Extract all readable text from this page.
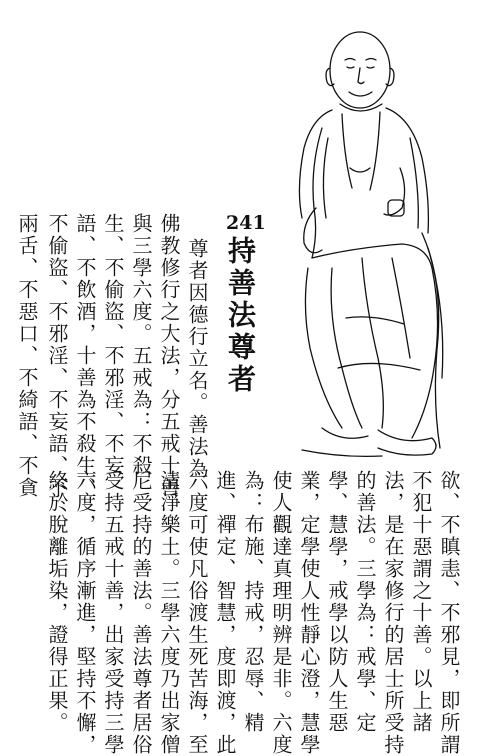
241
持善法尊者
尊者因德行立名。善法為
佛教修行之大法，分五戒十善
與三學六度。五戒為：不殺
生、不偷盜、不邪淫、不妄
語、不飲酒，十善為不殺生、
不偷盜、不邪淫、不妄語、不
兩舌、不惡口、不綺語、不貪
欲、不瞋恚、不邪見，即所謂
不犯十惡謂之十善。以上諸
法，是在家修行的居士所受持
的善法。三學為：戒學、定
學、慧學，戒學以防人生惡
業，定學使人性靜心澄，慧學
使人觀達真理明辨是非。六度
為：布施、持戒，忍辱、精
進、禪定、智慧，度即渡，此
六度可使凡俗渡生死苦海，至
清淨樂土。三學六度乃出家僧
尼受持的善法。善法尊者居俗
受持五戒十善，出家受持三學
六度，循序漸進，堅持不懈，
終於脫離垢染，證得正果。
